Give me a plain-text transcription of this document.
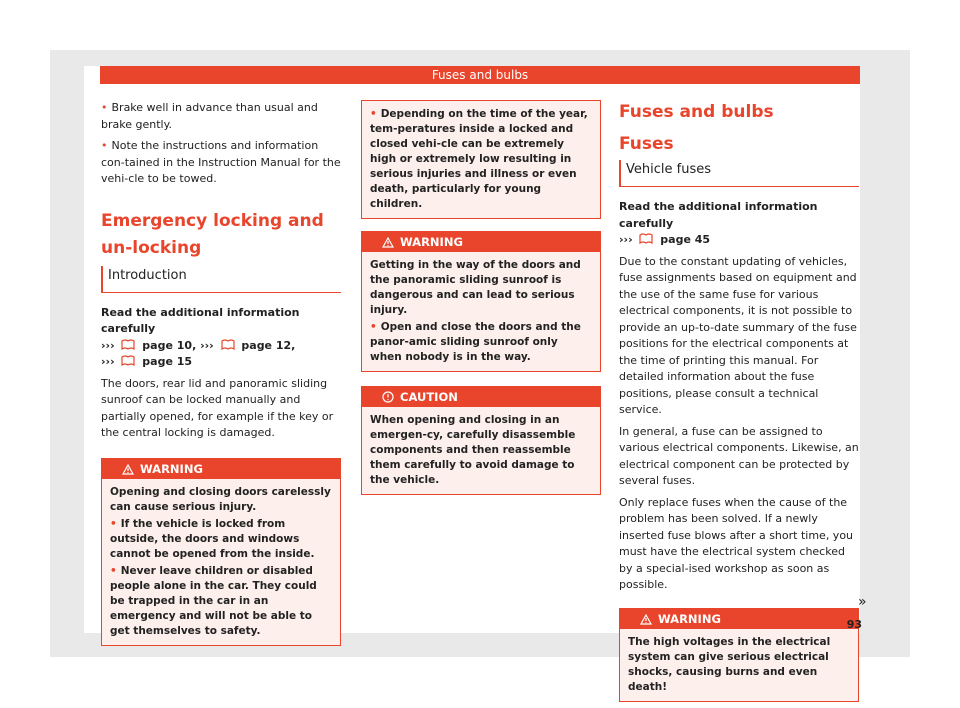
Fuses and bulbs

• Brake well in advance than usual and brake gently.

• Note the instructions and information con-tained in the Instruction Manual for the vehi-cle to be towed.

Emergency locking and un-locking
Introduction
Read the additional information carefully
›››	page 10, ›››	page 12,
›››	page 15

The doors, rear lid and panoramic sliding sunroof can be locked manually and partially opened, for example if the key or the central locking is damaged.

WARNING

Opening and closing doors carelessly can cause serious injury.

• If the vehicle is locked from outside, the doors and windows cannot be opened from the inside.

• Never leave children or disabled people alone in the car. They could be trapped in the car in an emergency and will not be able to get themselves to safety.

• Depending on the time of the year, tem-peratures inside a locked and closed vehi-cle can be extremely high or extremely low resulting in serious injuries and illness or even death, particularly for young children.

WARNING

Getting in the way of the doors and the panoramic sliding sunroof is dangerous and can lead to serious injury.

• Open and close the doors and the panor-amic sliding sunroof only when nobody is in the way.

CAUTION

When opening and closing in an emergen-cy, carefully disassemble components and then reassemble them carefully to avoid damage to the vehicle.

Fuses and bulbs
Fuses
Vehicle fuses
Read the additional information carefully
›››	page 45

Due to the constant updating of vehicles, fuse assignments based on equipment and the use of the same fuse for various electrical components, it is not possible to provide an up-to-date summary of the fuse positions for the electrical components at the time of printing this manual. For detailed information about the fuse positions, please consult a technical service.

In general, a fuse can be assigned to various electrical components. Likewise, an electrical component can be protected by several fuses.

Only replace fuses when the cause of the problem has been solved. If a newly inserted fuse blows after a short time, you must have the electrical system checked by a special-ised workshop as soon as possible.

WARNING

The high voltages in the electrical system can give serious electrical shocks, causing burns and even death!

»
93
